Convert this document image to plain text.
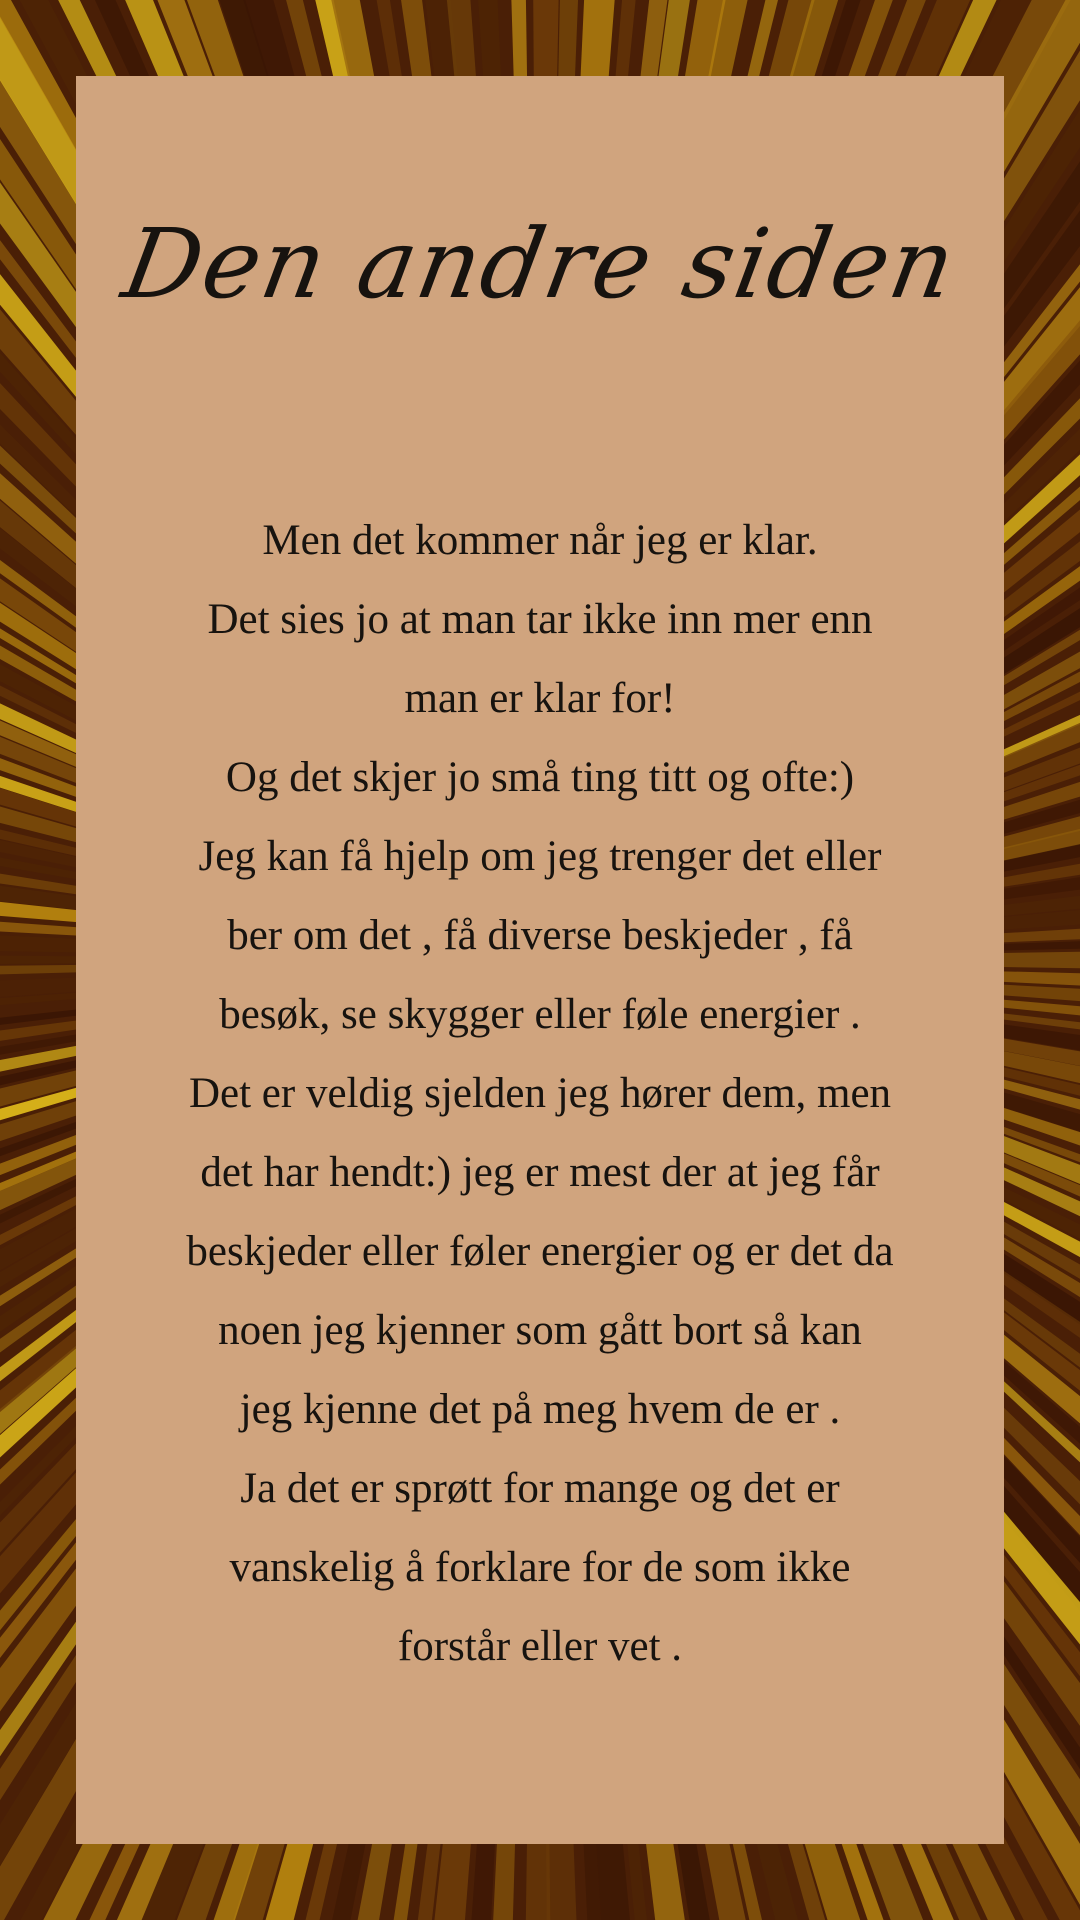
Den andre siden

Men det kommer når jeg er klar.
Det sies jo at man tar ikke inn mer enn
man er klar for!
Og det skjer jo små ting titt og ofte:)
Jeg kan få hjelp om jeg trenger det eller
ber om det , få diverse beskjeder , få
besøk, se skygger eller føle energier .
Det er veldig sjelden jeg hører dem, men
det har hendt:) jeg er mest der at jeg får
beskjeder eller føler energier og er det da
noen jeg kjenner som gått bort så kan
jeg kjenne det på meg hvem de er .
Ja det er sprøtt for mange og det er
vanskelig å forklare for de som ikke
forstår eller vet .
